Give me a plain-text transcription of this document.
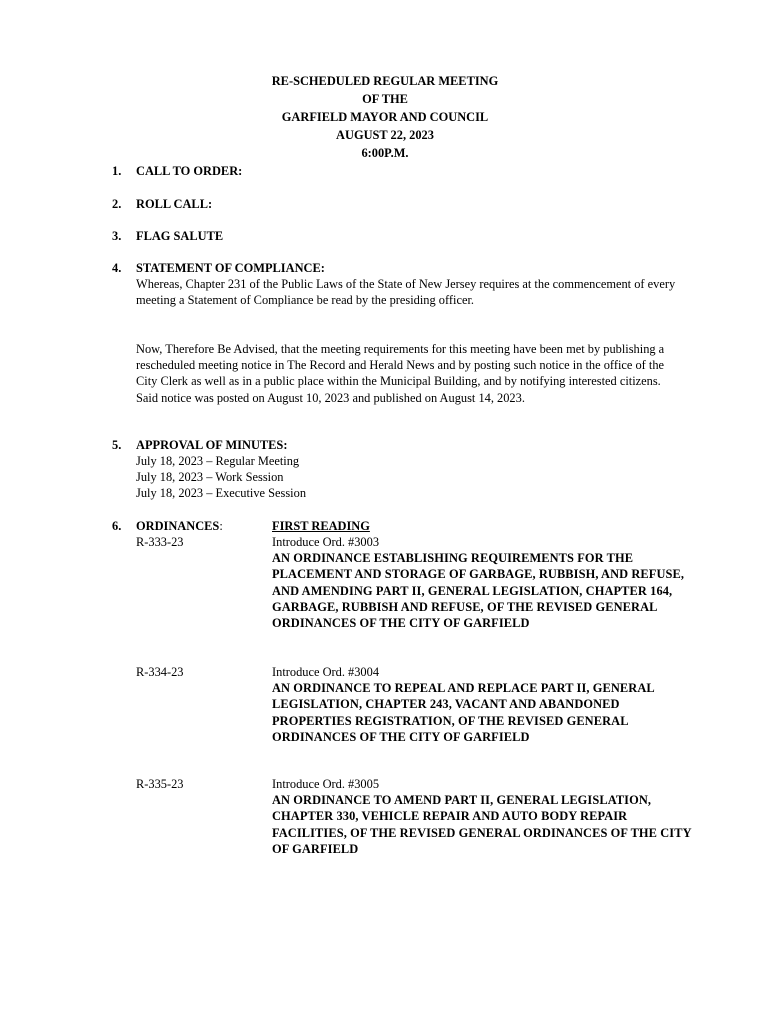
RE-SCHEDULED REGULAR MEETING
OF THE
GARFIELD MAYOR AND COUNCIL
AUGUST 22, 2023
6:00P.M.
1. CALL TO ORDER:
2. ROLL CALL:
3. FLAG SALUTE
4. STATEMENT OF COMPLIANCE:

Whereas, Chapter 231 of the Public Laws of the State of New Jersey requires at the commencement of every meeting a Statement of Compliance be read by the presiding officer.

Now, Therefore Be Advised, that the meeting requirements for this meeting have been met by publishing a rescheduled meeting notice in The Record and Herald News and by posting such notice in the office of the City Clerk as well as in a public place within the Municipal Building, and by notifying interested citizens. Said notice was posted on August 10, 2023 and published on August 14, 2023.

5. APPROVAL OF MINUTES:
July 18, 2023 – Regular Meeting
July 18, 2023 – Work Session
July 18, 2023 – Executive Session
6. ORDINANCES:	FIRST READING
R-333-23	Introduce Ord. #3003
AN ORDINANCE ESTABLISHING REQUIREMENTS FOR THE PLACEMENT AND STORAGE OF GARBAGE, RUBBISH, AND REFUSE, AND AMENDING PART II, GENERAL LEGISLATION, CHAPTER 164, GARBAGE, RUBBISH AND REFUSE, OF THE REVISED GENERAL ORDINANCES OF THE CITY OF GARFIELD
R-334-23	Introduce Ord. #3004
AN ORDINANCE TO REPEAL AND REPLACE PART II, GENERAL LEGISLATION, CHAPTER 243, VACANT AND ABANDONED PROPERTIES REGISTRATION, OF THE REVISED GENERAL ORDINANCES OF THE CITY OF GARFIELD
R-335-23	Introduce Ord. #3005
AN ORDINANCE TO AMEND PART II, GENERAL LEGISLATION, CHAPTER 330, VEHICLE REPAIR AND AUTO BODY REPAIR FACILITIES, OF THE REVISED GENERAL ORDINANCES OF THE CITY OF GARFIELD
